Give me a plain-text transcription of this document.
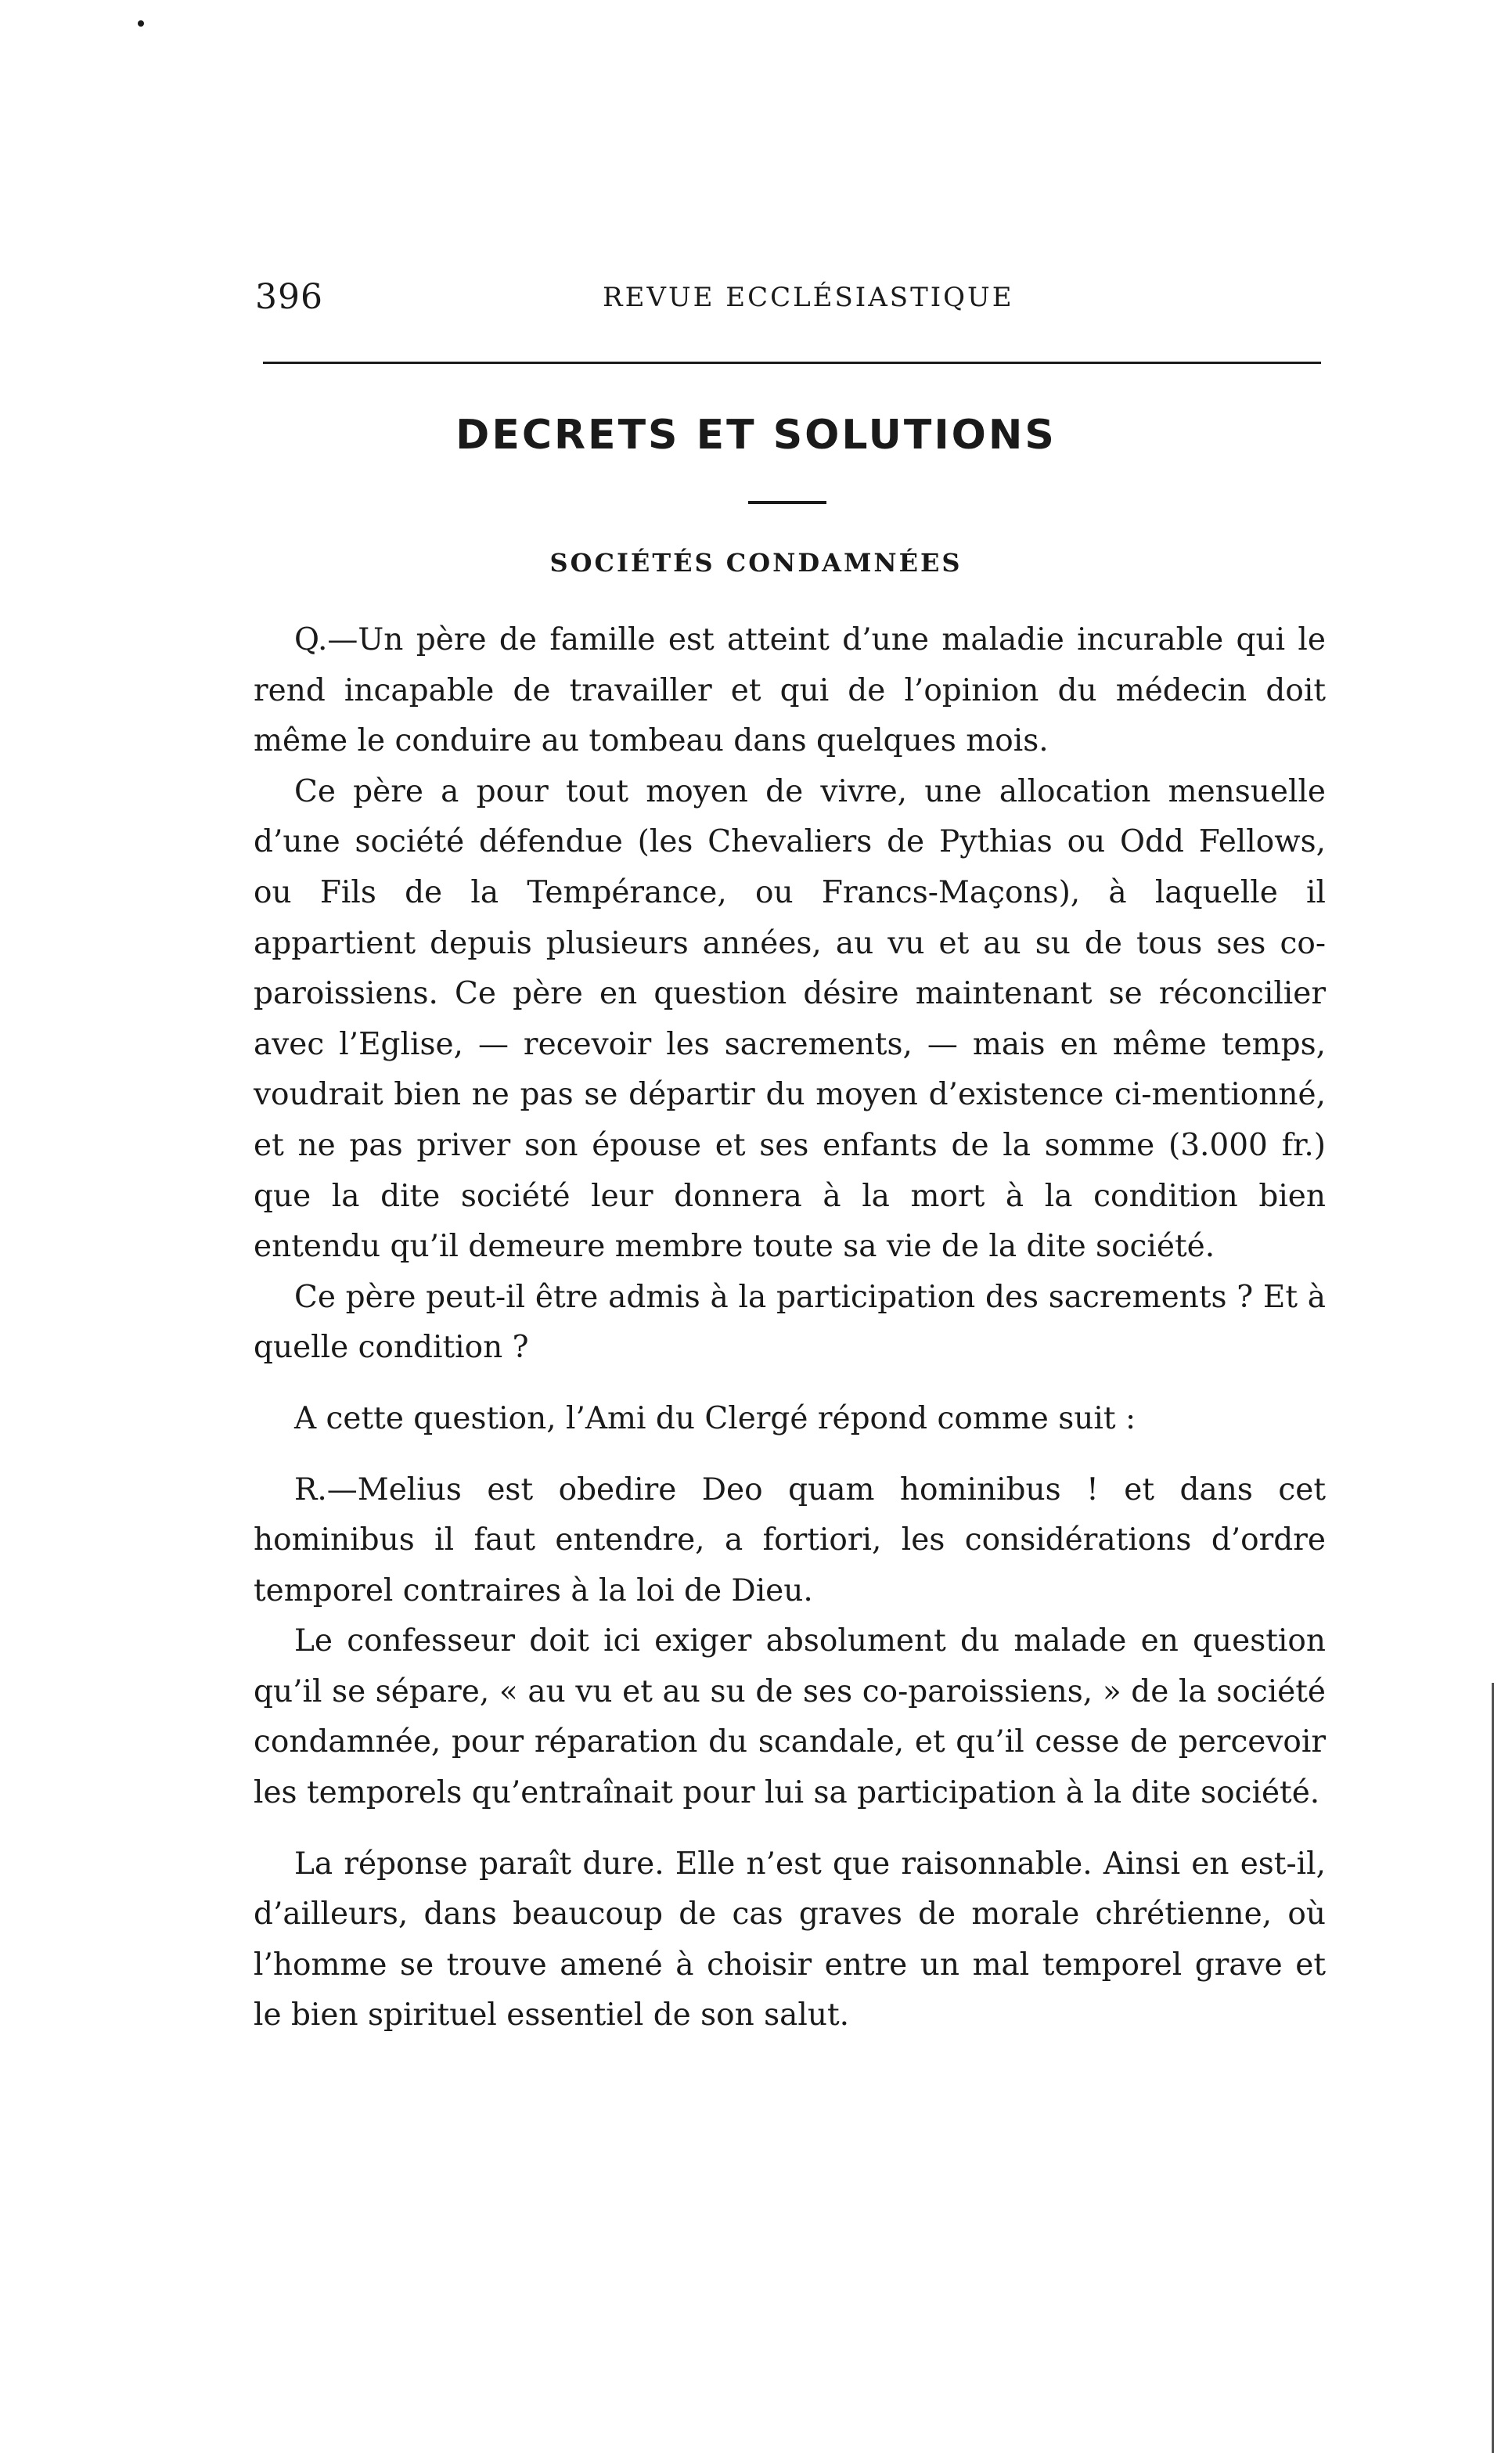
396	REVUE ECCLÉSIASTIQUE
DECRETS ET SOLUTIONS
SOCIÉTÉS CONDAMNÉES

Q.—Un père de famille est atteint d’une maladie incurable qui le rend incapable de travailler et qui de l’opinion du médecin doit même le conduire au tombeau dans quelques mois.

Ce père a pour tout moyen de vivre, une allocation mensuelle d’une société défendue (les Chevaliers de Pythias ou Odd Fellows, ou Fils de la Tempérance, ou Francs-Maçons), à laquelle il appartient depuis plusieurs années, au vu et au su de tous ses co-paroissiens. Ce père en question désire maintenant se réconcilier avec l’Eglise, — recevoir les sacrements, — mais en même temps, voudrait bien ne pas se départir du moyen d’existence ci-mentionné, et ne pas priver son épouse et ses enfants de la somme (3.000 fr.) que la dite société leur donnera à la mort à la condition bien entendu qu’il demeure membre toute sa vie de la dite société.

Ce père peut-il être admis à la participation des sacrements ? Et à quelle condition ?

A cette question, l’Ami du Clergé répond comme suit :

R.—Melius est obedire Deo quam hominibus ! et dans cet hominibus il faut entendre, a fortiori, les considérations d’ordre temporel contraires à la loi de Dieu.

Le confesseur doit ici exiger absolument du malade en question qu’il se sépare, « au vu et au su de ses co-paroissiens, » de la société condamnée, pour réparation du scandale, et qu’il cesse de percevoir les temporels qu’entraînait pour lui sa participation à la dite société.

La réponse paraît dure. Elle n’est que raisonnable. Ainsi en est-il, d’ailleurs, dans beaucoup de cas graves de morale chrétienne, où l’homme se trouve amené à choisir entre un mal temporel grave et le bien spirituel essentiel de son salut.
